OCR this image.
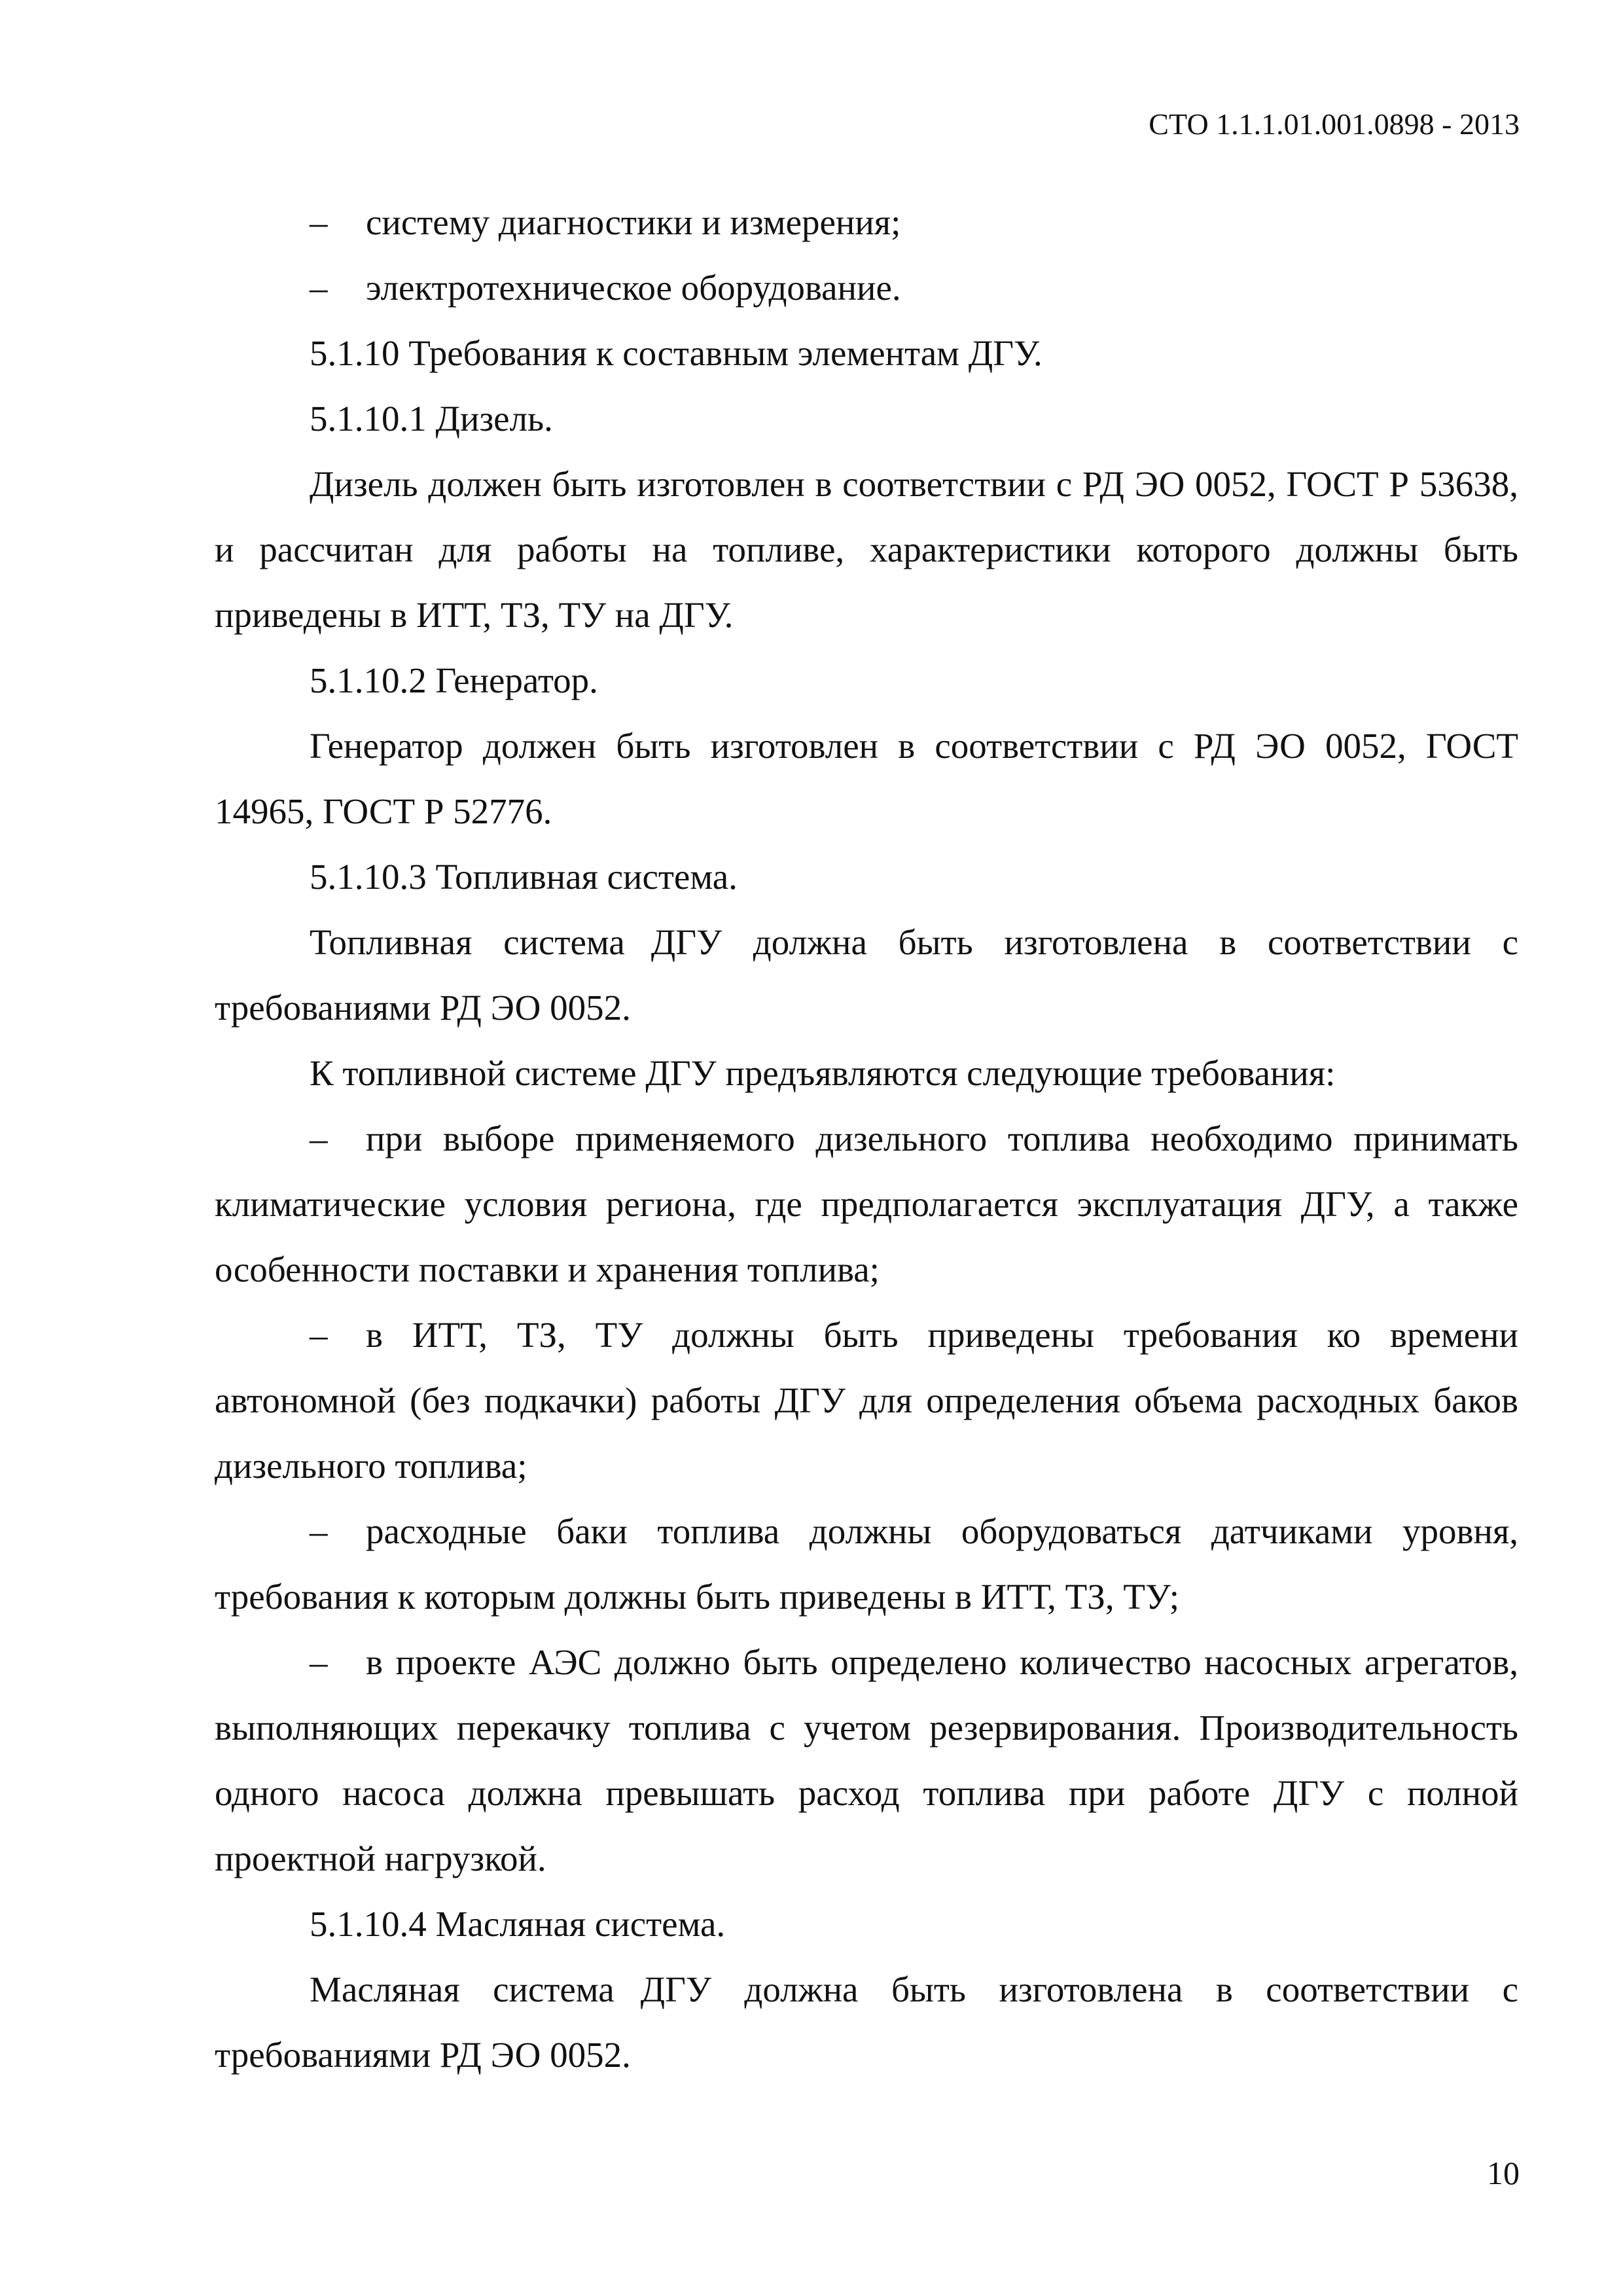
СТО 1.1.1.01.001.0898 - 2013

– систему диагностики и измерения;

– электротехническое оборудование.

5.1.10 Требования к составным элементам ДГУ.

5.1.10.1 Дизель.

Дизель должен быть изготовлен в соответствии с РД ЭО 0052, ГОСТ Р 53638, и рассчитан для работы на топливе, характеристики которого должны быть приведены в ИТТ, ТЗ, ТУ на ДГУ.

5.1.10.2 Генератор.

Генератор должен быть изготовлен в соответствии с РД ЭО 0052, ГОСТ 14965, ГОСТ Р 52776.

5.1.10.3 Топливная система.

Топливная система ДГУ должна быть изготовлена в соответствии с требованиями РД ЭО 0052.

К топливной системе ДГУ предъявляются следующие требования:

– при выборе применяемого дизельного топлива необходимо принимать климатические условия региона, где предполагается эксплуатация ДГУ, а также особенности поставки и хранения топлива;

– в ИТТ, ТЗ, ТУ должны быть приведены требования ко времени автономной (без подкачки) работы ДГУ для определения объема расходных баков дизельного топлива;

– расходные баки топлива должны оборудоваться датчиками уровня, требования к которым должны быть приведены в ИТТ, ТЗ, ТУ;

– в проекте АЭС должно быть определено количество насосных агрегатов, выполняющих перекачку топлива с учетом резервирования. Производительность одного насоса должна превышать расход топлива при работе ДГУ с полной проектной нагрузкой.

5.1.10.4 Масляная система.

Масляная система ДГУ должна быть изготовлена в соответствии с требованиями РД ЭО 0052.

10
